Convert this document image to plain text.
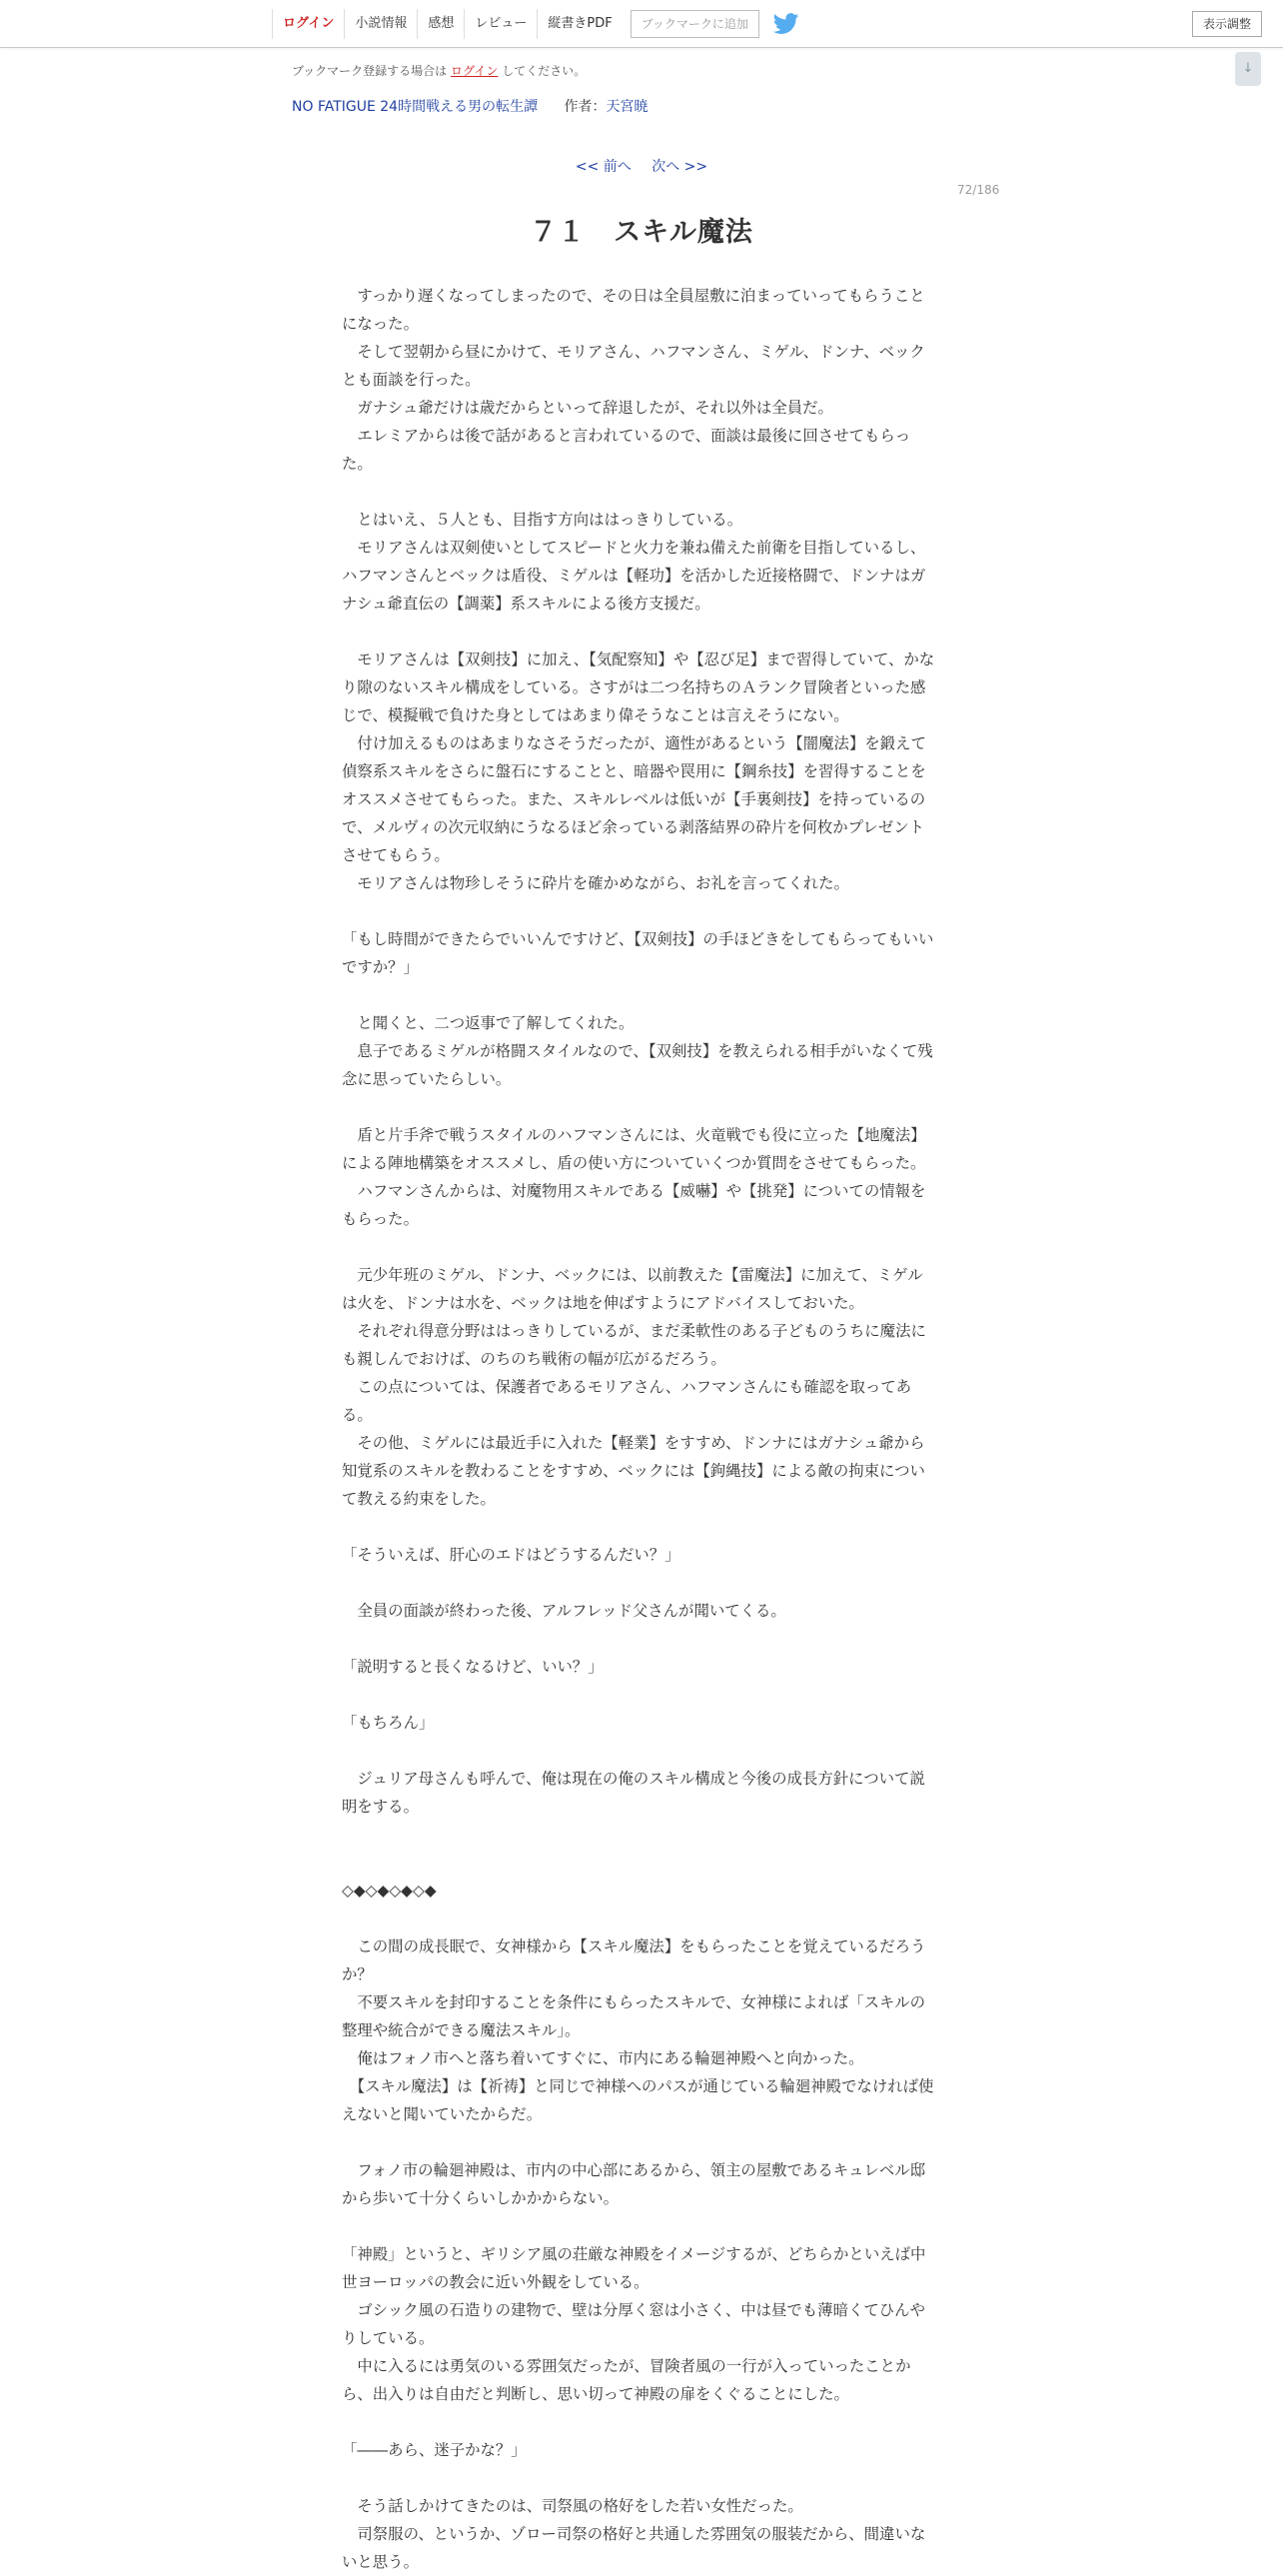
ログイン	小説情報	感想	レビュー	縦書きPDF	ブックマークに追加	表示調整
↓
ブックマーク登録する場合は ログイン してください。
NO FATIGUE 24時間戦える男の転生譚 作者：天宮暁
<< 前へ 次へ >>
72/186
７１　スキル魔法

　すっかり遅くなってしまったので、その日は全員屋敷に泊まっていってもらうことになった。

　そして翌朝から昼にかけて、モリアさん、ハフマンさん、ミゲル、ドンナ、ベックとも面談を行った。

　ガナシュ爺だけは歳だからといって辞退したが、それ以外は全員だ。

　エレミアからは後で話があると言われているので、面談は最後に回させてもらった。

　とはいえ、５人とも、目指す方向ははっきりしている。

　モリアさんは双剣使いとしてスピードと火力を兼ね備えた前衛を目指しているし、ハフマンさんとベックは盾役、ミゲルは【軽功】を活かした近接格闘で、ドンナはガナシュ爺直伝の【調薬】系スキルによる後方支援だ。

　モリアさんは【双剣技】に加え、【気配察知】や【忍び足】まで習得していて、かなり隙のないスキル構成をしている。さすがは二つ名持ちのＡランク冒険者といった感じで、模擬戦で負けた身としてはあまり偉そうなことは言えそうにない。

　付け加えるものはあまりなさそうだったが、適性があるという【闇魔法】を鍛えて偵察系スキルをさらに盤石にすることと、暗器や罠用に【鋼糸技】を習得することをオススメさせてもらった。また、スキルレベルは低いが【手裏剣技】を持っているので、メルヴィの次元収納にうなるほど余っている剥落結界の砕片を何枚かプレゼントさせてもらう。

　モリアさんは物珍しそうに砕片を確かめながら、お礼を言ってくれた。

「もし時間ができたらでいいんですけど、【双剣技】の手ほどきをしてもらってもいいですか？」

　と聞くと、二つ返事で了解してくれた。

　息子であるミゲルが格闘スタイルなので、【双剣技】を教えられる相手がいなくて残念に思っていたらしい。

　盾と片手斧で戦うスタイルのハフマンさんには、火竜戦でも役に立った【地魔法】による陣地構築をオススメし、盾の使い方についていくつか質問をさせてもらった。

　ハフマンさんからは、対魔物用スキルである【威嚇】や【挑発】についての情報をもらった。

　元少年班のミゲル、ドンナ、ベックには、以前教えた【雷魔法】に加えて、ミゲルは火を、ドンナは水を、ベックは地を伸ばすようにアドバイスしておいた。

　それぞれ得意分野ははっきりしているが、まだ柔軟性のある子どものうちに魔法にも親しんでおけば、のちのち戦術の幅が広がるだろう。

　この点については、保護者であるモリアさん、ハフマンさんにも確認を取ってある。

　その他、ミゲルには最近手に入れた【軽業】をすすめ、ドンナにはガナシュ爺から知覚系のスキルを教わることをすすめ、ベックには【鉤縄技】による敵の拘束について教える約束をした。

「そういえば、肝心のエドはどうするんだい？」

　全員の面談が終わった後、アルフレッド父さんが聞いてくる。

「説明すると長くなるけど、いい？」

「もちろん」

　ジュリア母さんも呼んで、俺は現在の俺のスキル構成と今後の成長方針について説明をする。

◇◆◇◆◇◆◇◆

　この間の成長眠で、女神様から【スキル魔法】をもらったことを覚えているだろうか？

　不要スキルを封印することを条件にもらったスキルで、女神様によれば「スキルの整理や統合ができる魔法スキル」。

　俺はフォノ市へと落ち着いてすぐに、市内にある輪廻神殿へと向かった。

　【スキル魔法】は【祈祷】と同じで神様へのパスが通じている輪廻神殿でなければ使えないと聞いていたからだ。

　フォノ市の輪廻神殿は、市内の中心部にあるから、領主の屋敷であるキュレベル邸から歩いて十分くらいしかかからない。

「神殿」というと、ギリシア風の荘厳な神殿をイメージするが、どちらかといえば中世ヨーロッパの教会に近い外観をしている。

　ゴシック風の石造りの建物で、壁は分厚く窓は小さく、中は昼でも薄暗くてひんやりしている。

　中に入るには勇気のいる雰囲気だったが、冒険者風の一行が入っていったことから、出入りは自由だと判断し、思い切って神殿の扉をくぐることにした。

「――あら、迷子かな？」

　そう話しかけてきたのは、司祭風の格好をした若い女性だった。

　司祭服の、というか、ゾロー司祭の格好と共通した雰囲気の服装だから、間違いないと思う。
